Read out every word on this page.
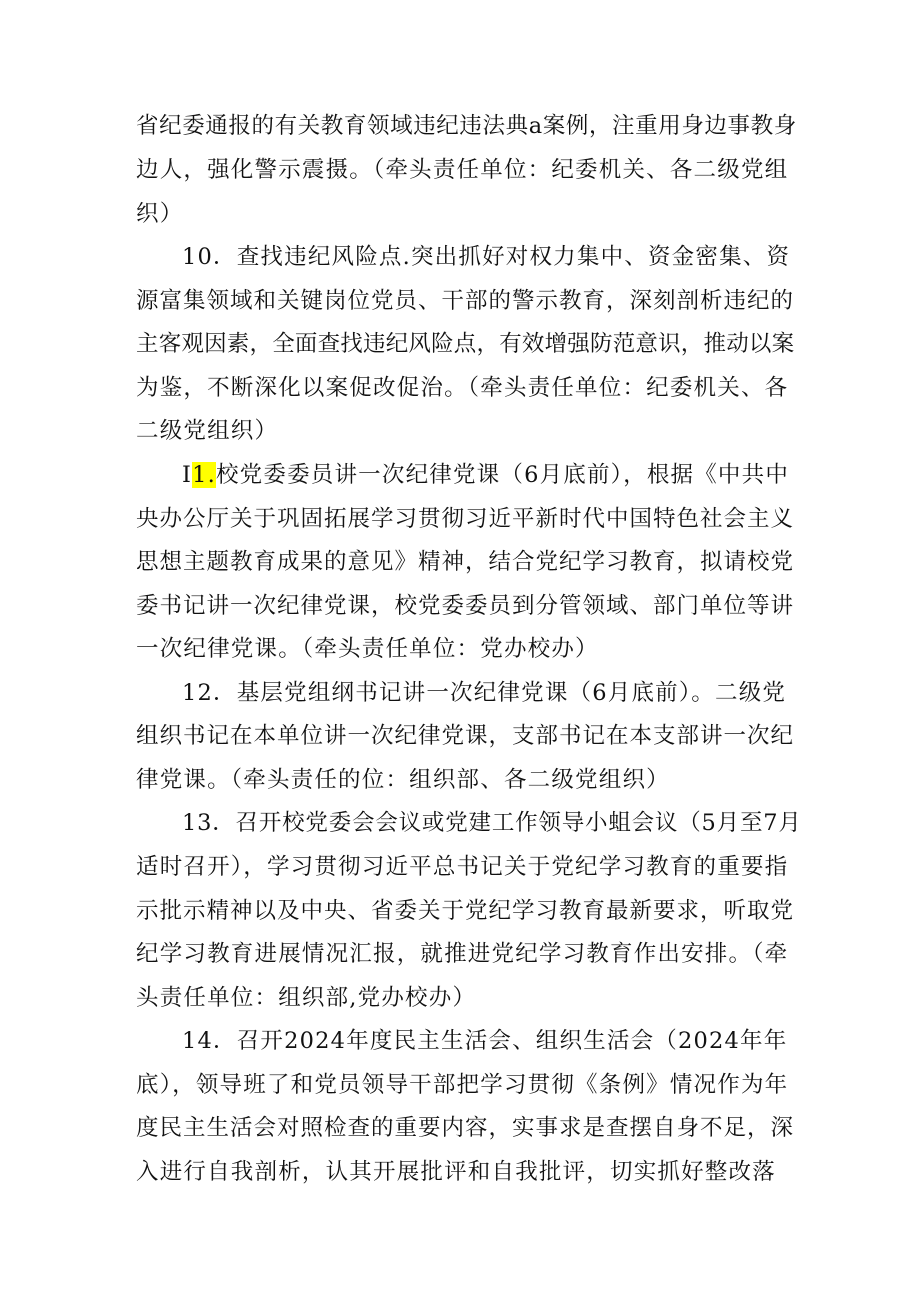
省纪委通报的有关教育领域违纪违法典a案例，注重用身边事教身
边人，强化警示震摄。（牵头责任单位：纪委机关、各二级党组
织）
10．查找违纪风险点.突出抓好对权力集中、资金密集、资
源富集领域和关键岗位党员、干部的警示教育，深刻剖析违纪的
主客观因素，全面查找违纪风险点，有效增强防范意识，推动以案
为鉴，不断深化以案促改促治。（牵头责任单位：纪委机关、各
二级党组织）
I1.校党委委员讲一次纪律党课（6月底前），根据《中共中
央办公厅关于巩固拓展学习贯彻习近平新时代中国特色社会主义
思想主题教育成果的意见》精神，结合党纪学习教育，拟请校党
委书记讲一次纪律党课，校党委委员到分管领域、部门单位等讲
一次纪律党课。（牵头责任单位：党办校办）
12．基层党组纲书记讲一次纪律党课（6月底前）。二级党
组织书记在本单位讲一次纪律党课，支部书记在本支部讲一次纪
律党课。（牵头责任的位：组织部、各二级党组织）
13．召开校党委会会议或党建工作领导小蛆会议（5月至7月
适时召开），学习贯彻习近平总书记关于党纪学习教育的重要指
示批示精神以及中央、省委关于党纪学习教育最新要求，听取党
纪学习教育进展情况汇报，就推进党纪学习教育作出安排。（牵
头责任单位：组织部,党办校办）
14．召开2024年度民主生活会、组织生活会（2024年年
底），领导班了和党员领导干部把学习贯彻《条例》情况作为年
度民主生活会对照检查的重要内容，实事求是查摆自身不足，深
入进行自我剖析，认其开展批评和自我批评，切实抓好整改落
